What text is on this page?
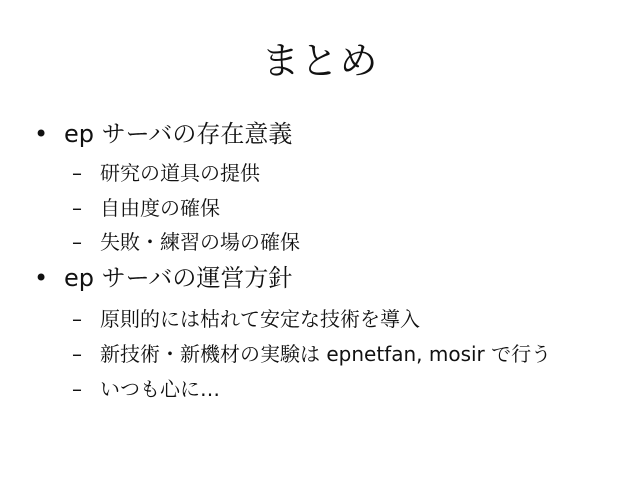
まとめ
• ep サーバの存在意義
– 研究の道具の提供
– 自由度の確保
– 失敗・練習の場の確保
• ep サーバの運営方針
– 原則的には枯れて安定な技術を導入
– 新技術・新機材の実験は epnetfan, mosir で行う
– いつも心に…
